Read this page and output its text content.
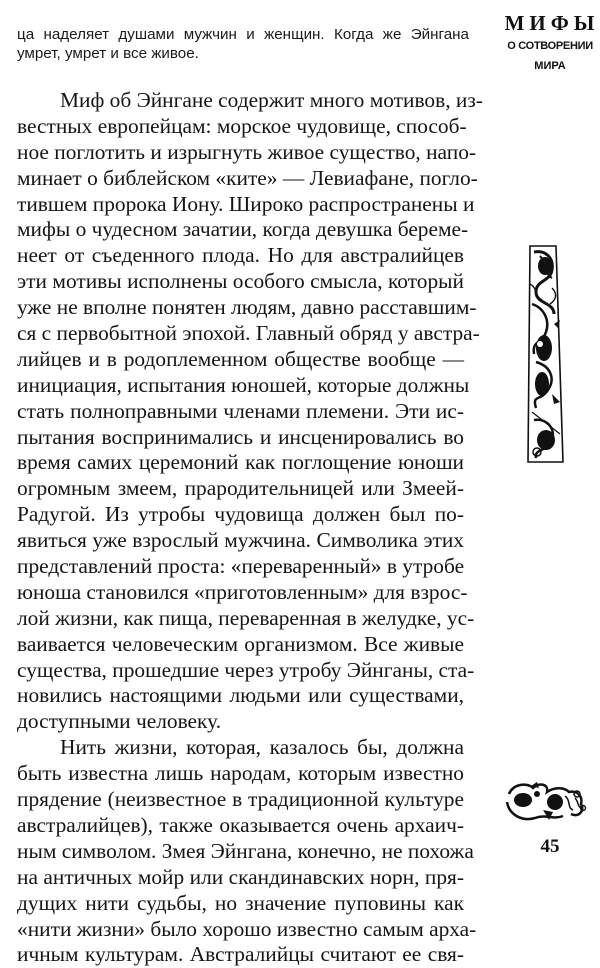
ца наделяет душами мужчин и женщин. Когда же Эйнгана
умрет, умрет и все живое.
МИФЫ
О СОТВОРЕНИИ
МИРА
Миф об Эйнгане содержит много мотивов, из-
вестных европейцам: морское чудовище, способ-
ное поглотить и изрыгнуть живое существо, напо-
минает о библейском «ките» — Левиафане, погло-
тившем пророка Иону. Широко распространены и
мифы о чудесном зачатии, когда девушка береме-
неет от съеденного плода. Но для австралийцев
эти мотивы исполнены особого смысла, который
уже не вполне понятен людям, давно расставшим-
ся с первобытной эпохой. Главный обряд у австра-
лийцев и в родоплеменном обществе вообще —
инициация, испытания юношей, которые должны
стать полноправными членами племени. Эти ис-
пытания воспринимались и инсценировались во
время самих церемоний как поглощение юноши
огромным змеем, прародительницей или Змеей-
Радугой. Из утробы чудовища должен был по-
явиться уже взрослый мужчина. Символика этих
представлений проста: «переваренный» в утробе
юноша становился «приготовленным» для взрос-
лой жизни, как пища, переваренная в желудке, ус-
ваивается человеческим организмом. Все живые
существа, прошедшие через утробу Эйнганы, ста-
новились настоящими людьми или существами,
доступными человеку.
Нить жизни, которая, казалось бы, должна
быть известна лишь народам, которым известно
прядение (неизвестное в традиционной культуре
австралийцев), также оказывается очень архаич-
ным символом. Змея Эйнгана, конечно, не похожа
на античных мойр или скандинавских норн, пря-
дущих нити судьбы, но значение пуповины как
«нити жизни» было хорошо известно самым арха-
ичным культурам. Австралийцы считают ее свя-
45
